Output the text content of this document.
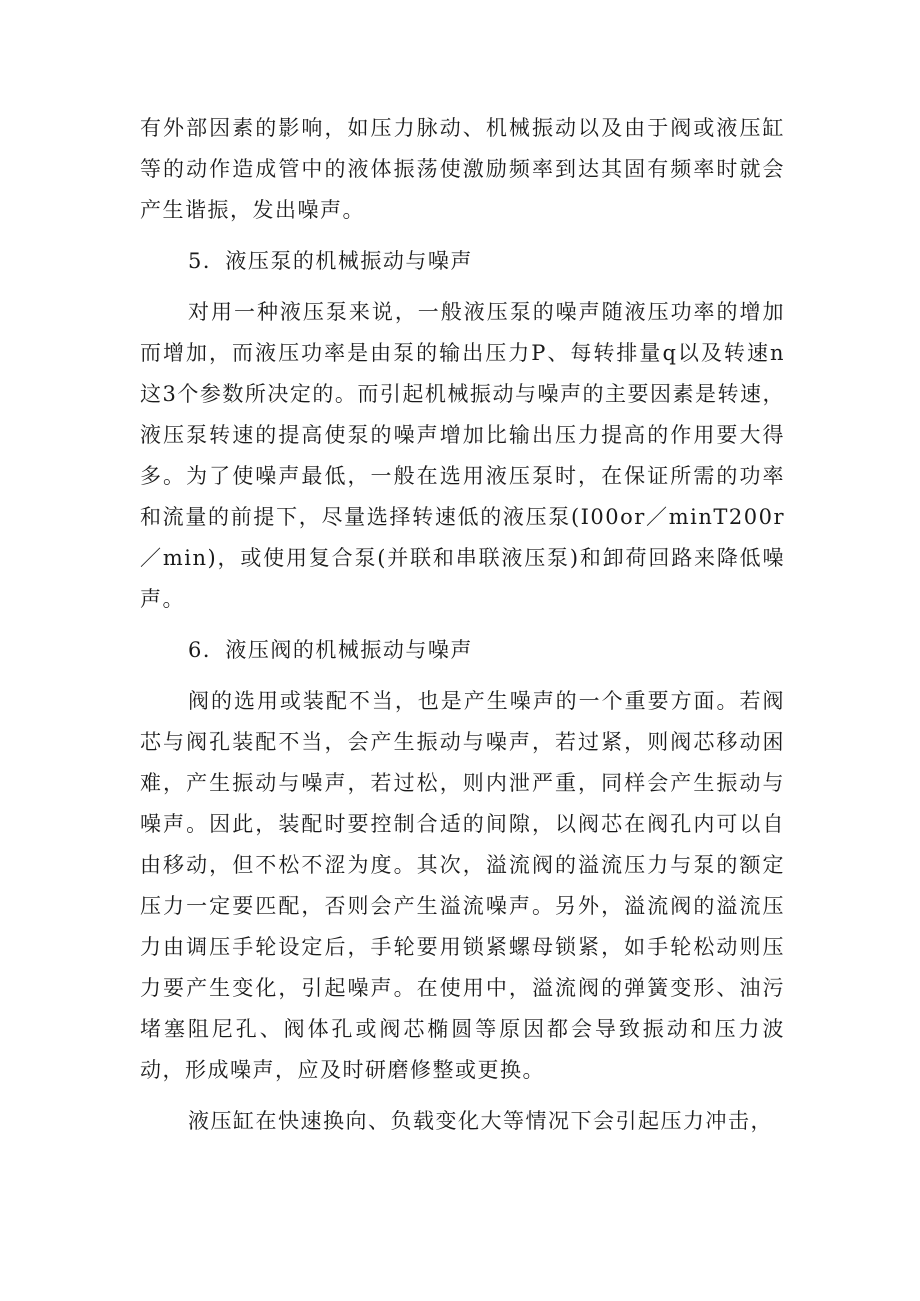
有外部因素的影响，如压力脉动、机械振动以及由于阀或液压缸等的动作造成管中的液体振荡使激励频率到达其固有频率时就会产生谐振，发出噪声。

5．液压泵的机械振动与噪声

对用一种液压泵来说，一般液压泵的噪声随液压功率的增加而增加，而液压功率是由泵的输出压力P、每转排量q以及转速n这3个参数所决定的。而引起机械振动与噪声的主要因素是转速，液压泵转速的提高使泵的噪声增加比输出压力提高的作用要大得多。为了使噪声最低，一般在选用液压泵时，在保证所需的功率和流量的前提下，尽量选择转速低的液压泵(I00or／minT200r／min)，或使用复合泵(并联和串联液压泵)和卸荷回路来降低噪声。

6．液压阀的机械振动与噪声

阀的选用或装配不当，也是产生噪声的一个重要方面。若阀芯与阀孔装配不当，会产生振动与噪声，若过紧，则阀芯移动困难，产生振动与噪声，若过松，则内泄严重，同样会产生振动与噪声。因此，装配时要控制合适的间隙，以阀芯在阀孔内可以自由移动，但不松不涩为度。其次，溢流阀的溢流压力与泵的额定压力一定要匹配，否则会产生溢流噪声。另外，溢流阀的溢流压力由调压手轮设定后，手轮要用锁紧螺母锁紧，如手轮松动则压力要产生变化，引起噪声。在使用中，溢流阀的弹簧变形、油污堵塞阻尼孔、阀体孔或阀芯椭圆等原因都会导致振动和压力波动，形成噪声，应及时研磨修整或更换。

液压缸在快速换向、负载变化大等情况下会引起压力冲击，
